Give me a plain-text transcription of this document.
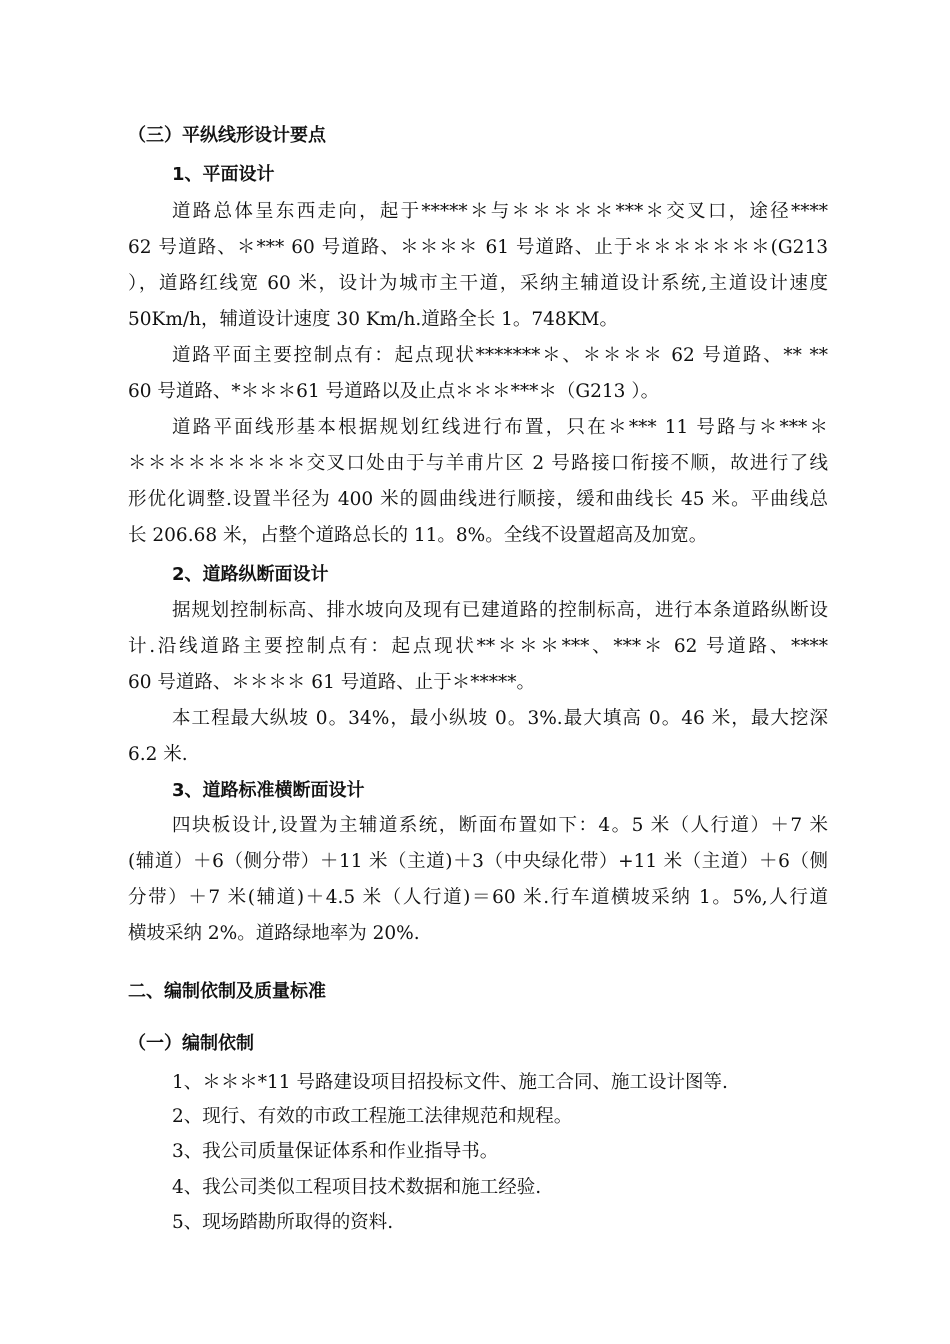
（三）平纵线形设计要点
1、平面设计
道路总体呈东西走向，起于*****＊与＊＊＊＊＊***＊交叉口，途径****
62 号道路、＊*** 60 号道路、＊＊＊＊ 61 号道路、止于＊＊＊＊＊＊＊(G213
），道路红线宽 60 米，设计为城市主干道，采纳主辅道设计系统,主道设计速度
50Km/h，辅道设计速度 30 Km/h.道路全长 1。748KM。
道路平面主要控制点有：起点现状*******＊、＊＊＊＊ 62 号道路、** **
60 号道路、*＊＊＊61 号道路以及止点＊＊＊***＊（G213 ）。
道路平面线形基本根据规划红线进行布置，只在＊*** 11 号路与＊***＊
＊＊＊＊＊＊＊＊＊交叉口处由于与羊甫片区 2 号路接口衔接不顺，故进行了线
形优化调整.设置半径为 400 米的圆曲线进行顺接，缓和曲线长 45 米。平曲线总
长 206.68 米，占整个道路总长的 11。8%。全线不设置超高及加宽。
2、道路纵断面设计
据规划控制标高、排水坡向及现有已建道路的控制标高，进行本条道路纵断设
计.沿线道路主要控制点有：起点现状**＊＊＊***、***＊ 62 号道路、****
60 号道路、＊＊＊＊ 61 号道路、止于＊*****。
本工程最大纵坡 0。34%，最小纵坡 0。3%.最大填高 0。46 米，最大挖深
6.2 米.
3、道路标准横断面设计
四块板设计,设置为主辅道系统，断面布置如下：4。5 米（人行道）＋7 米
(辅道）＋6（侧分带）＋11 米（主道)＋3（中央绿化带）+11 米（主道）＋6（侧
分带）＋7 米(辅道)＋4.5 米（人行道)＝60 米.行车道横坡采纳 1。5%,人行道
横坡采纳 2%。道路绿地率为 20%.
二、编制依制及质量标准
（一）编制依制
1、＊＊＊*11 号路建设项目招投标文件、施工合同、施工设计图等.
2、现行、有效的市政工程施工法律规范和规程。
3、我公司质量保证体系和作业指导书。
4、我公司类似工程项目技术数据和施工经验.
5、现场踏勘所取得的资料.
